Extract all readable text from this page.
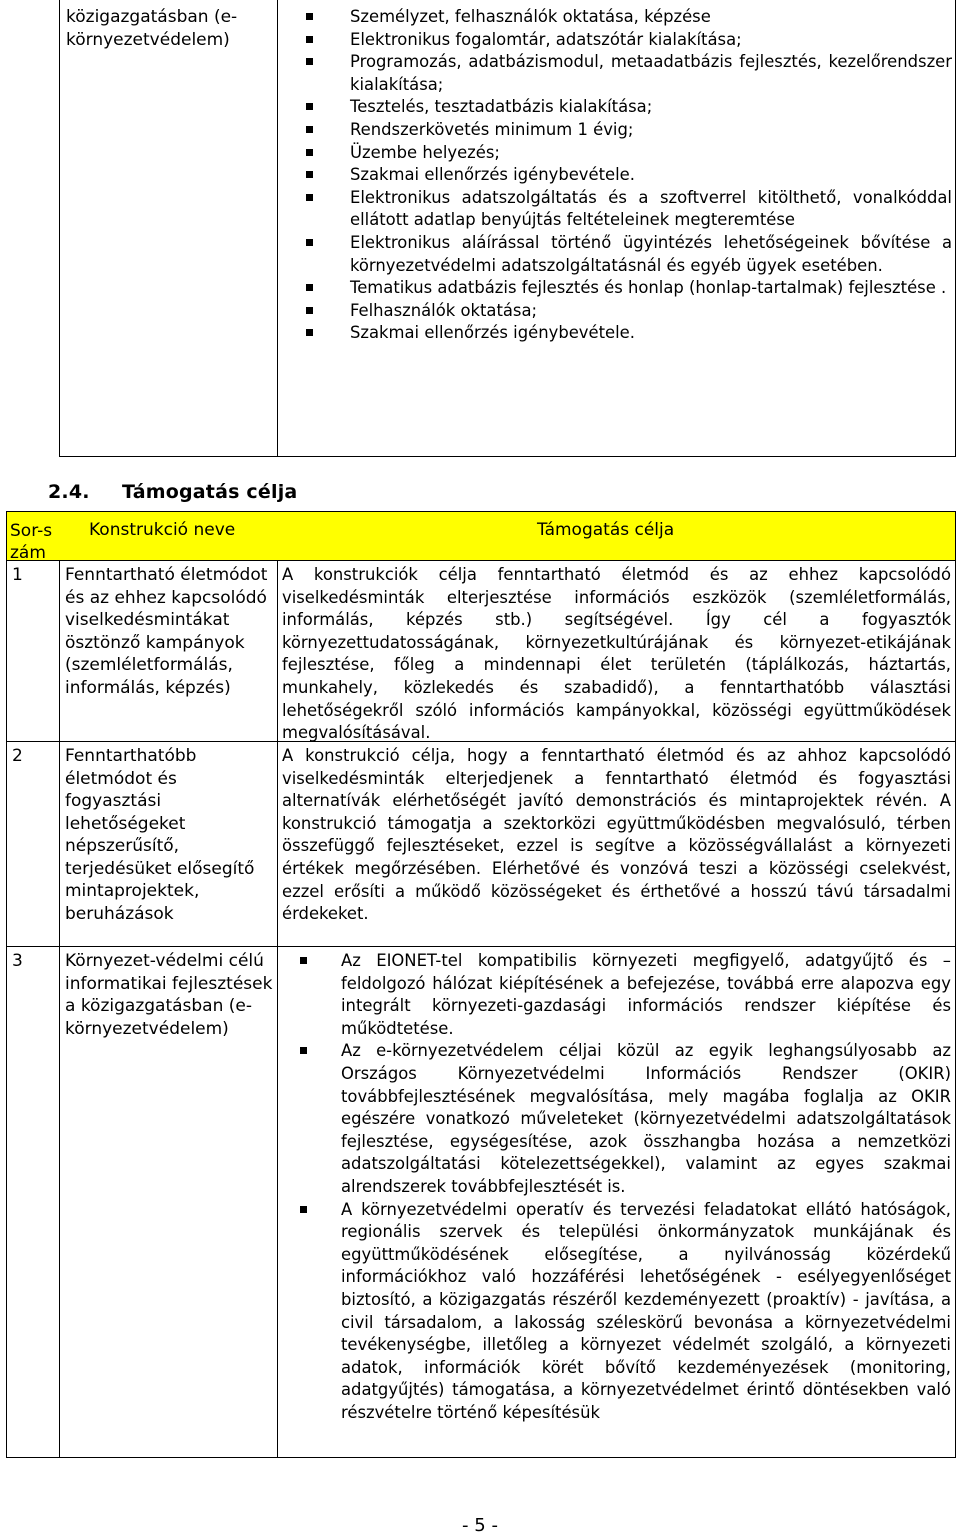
közigazgatásban (e-környezetvédelem)
Személyzet, felhasználók oktatása, képzése
Elektronikus fogalomtár, adatszótár kialakítása;
Programozás, adatbázismodul, metaadatbázis fejlesztés, kezelőrendszer kialakítása;
Tesztelés, tesztadatbázis kialakítása;
Rendszerkövetés minimum 1 évig;
Üzembe helyezés;
Szakmai ellenőrzés igénybevétele.
Elektronikus adatszolgáltatás és a szoftverrel kitölthető, vonalkóddal ellátott adatlap benyújtás feltételeinek megteremtése
Elektronikus aláírással történő ügyintézés lehetőségeinek bővítése a környezetvédelmi adatszolgáltatásnál és egyéb ügyek esetében.
Tematikus adatbázis fejlesztés és honlap (honlap-tartalmak) fejlesztése .
Felhasználók oktatása;
Szakmai ellenőrzés igénybevétele.
2.4. Támogatás célja
Sor-szám
Konstrukció neve	Támogatás célja
1 Fenntartható életmódot és az ehhez kapcsolódó viselkedésmintákat ösztönző kampányok (szemléletformálás, informálás, képzés)
A konstrukciók célja fenntartható életmód és az ehhez kapcsolódó viselkedésminták elterjesztése információs eszközök (szemléletformálás, informálás, képzés stb.) segítségével. Így cél a fogyasztók környezettudatosságának, környezetkultúrájának és környezet-etikájának fejlesztése, főleg a mindennapi élet területén (táplálkozás, háztartás, munkahely, közlekedés és szabadidő), a fenntarthatóbb választási lehetőségekről szóló információs kampányokkal, közösségi együttműködések megvalósításával.
2 Fenntarthatóbb életmódot és fogyasztási lehetőségeket népszerűsítő, terjedésüket elősegítő mintaprojektek, beruházások
A konstrukció célja, hogy a fenntartható életmód és az ahhoz kapcsolódó viselkedésminták elterjedjenek a fenntartható életmód és fogyasztási alternatívák elérhetőségét javító demonstrációs és mintaprojektek révén. A konstrukció támogatja a szektorközi együttműködésben megvalósuló, térben összefüggő fejlesztéseket, ezzel is segítve a közösségvállalást a környezeti értékek megőrzésében. Elérhetővé és vonzóvá teszi a közösségi cselekvést, ezzel erősíti a működő közösségeket és érthetővé a hosszú távú társadalmi érdekeket.
3 Környezet-védelmi célú informatikai fejlesztések a közigazgatásban (e-környezetvédelem)
Az EIONET-tel kompatibilis környezeti megfigyelő, adatgyűjtő és –feldolgozó hálózat kiépítésének a befejezése, továbbá erre alapozva egy integrált környezeti-gazdasági információs rendszer kiépítése és működtetése.
Az e-környezetvédelem céljai közül az egyik leghangsúlyosabb az Országos Környezetvédelmi Információs Rendszer (OKIR) továbbfejlesztésének megvalósítása, mely magába foglalja az OKIR egészére vonatkozó műveleteket (környezetvédelmi adatszolgáltatások fejlesztése, egységesítése, azok összhangba hozása a nemzetközi adatszolgáltatási kötelezettségekkel), valamint az egyes szakmai alrendszerek továbbfejlesztését is.
A környezetvédelmi operatív és tervezési feladatokat ellátó hatóságok, regionális szervek és települési önkormányzatok munkájának és együttműködésének elősegítése, a nyilvánosság közérdekű információkhoz való hozzáférési lehetőségének - esélyegyenlőséget biztosító, a közigazgatás részéről kezdeményezett (proaktív) - javítása, a civil társadalom, a lakosság széleskörű bevonása a környezetvédelmi tevékenységbe, illetőleg a környezet védelmét szolgáló, a környezeti adatok, információk körét bővítő kezdeményezések (monitoring, adatgyűjtés) támogatása, a környezetvédelmet érintő döntésekben való részvételre történő képesítésük
- 5 -
